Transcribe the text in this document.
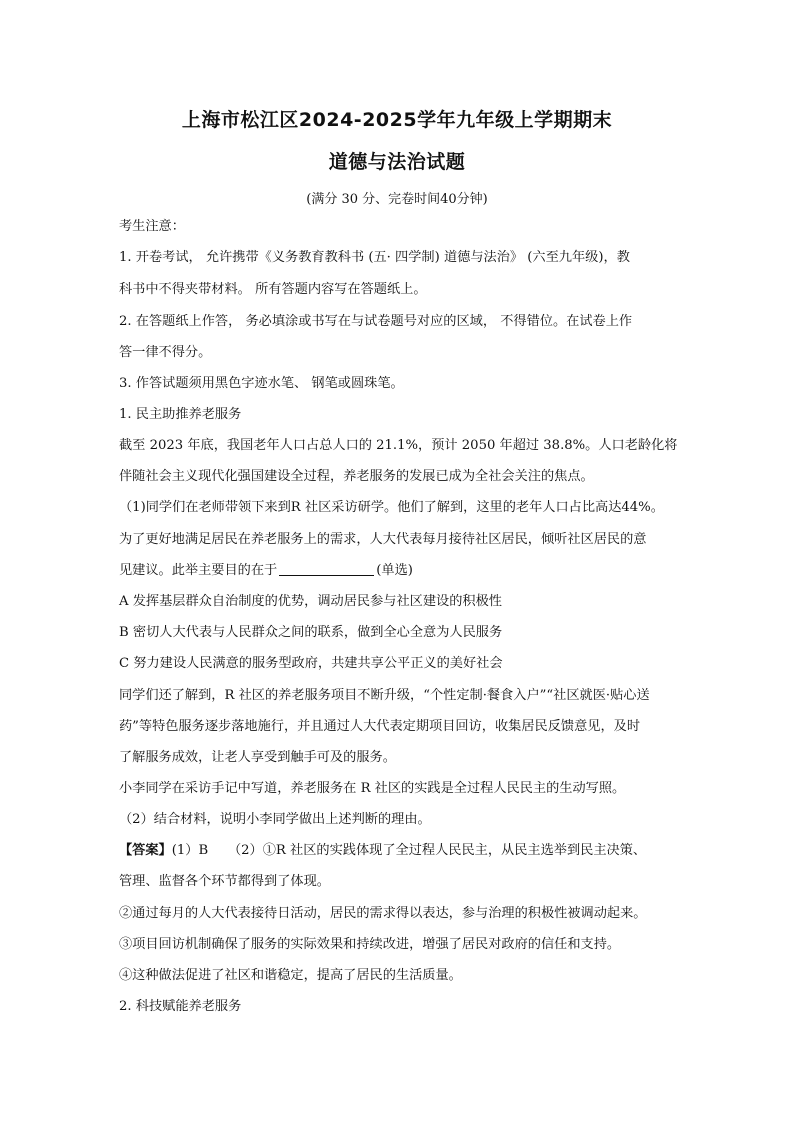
上海市松江区2024-2025学年九年级上学期期末
道德与法治试题
(满分 30 分、完卷时间40分钟)
考生注意：
1. 开卷考试， 允许携带《义务教育教科书 (五· 四学制) 道德与法治》 (六至九年级)，教
科书中不得夹带材料。 所有答题内容写在答题纸上。
2. 在答题纸上作答， 务必填涂或书写在与试卷题号对应的区域， 不得错位。在试卷上作
答一律不得分。
3. 作答试题须用黑色字迹水笔、 钢笔或圆珠笔。
1. 民主助推养老服务
截至 2023 年底，我国老年人口占总人口的 21.1%，预计 2050 年超过 38.8%。人口老龄化将
伴随社会主义现代化强国建设全过程，养老服务的发展已成为全社会关注的焦点。
（1)同学们在老师带领下来到R 社区采访研学。他们了解到，这里的老年人口占比高达44%。
为了更好地满足居民在养老服务上的需求，人大代表每月接待社区居民，倾听社区居民的意
见建议。此举主要目的在于	(单选)
A 发挥基层群众自治制度的优势，调动居民参与社区建设的积极性
B 密切人大代表与人民群众之间的联系，做到全心全意为人民服务
C 努力建设人民满意的服务型政府，共建共享公平正义的美好社会
同学们还了解到，R 社区的养老服务项目不断升级，“个性定制·餐食入户”“社区就医·贴心送
药”等特色服务逐步落地施行，并且通过人大代表定期项目回访，收集居民反馈意见，及时
了解服务成效，让老人享受到触手可及的服务。
小李同学在采访手记中写道，养老服务在 R 社区的实践是全过程人民民主的生动写照。
（2）结合材料，说明小李同学做出上述判断的理由。
【答案】(1）B　　（2）①R 社区的实践体现了全过程人民民主，从民主选举到民主决策、
管理、监督各个环节都得到了体现。
②通过每月的人大代表接待日活动，居民的需求得以表达，参与治理的积极性被调动起来。
③项目回访机制确保了服务的实际效果和持续改进，增强了居民对政府的信任和支持。
④这种做法促进了社区和谐稳定，提高了居民的生活质量。
2. 科技赋能养老服务
